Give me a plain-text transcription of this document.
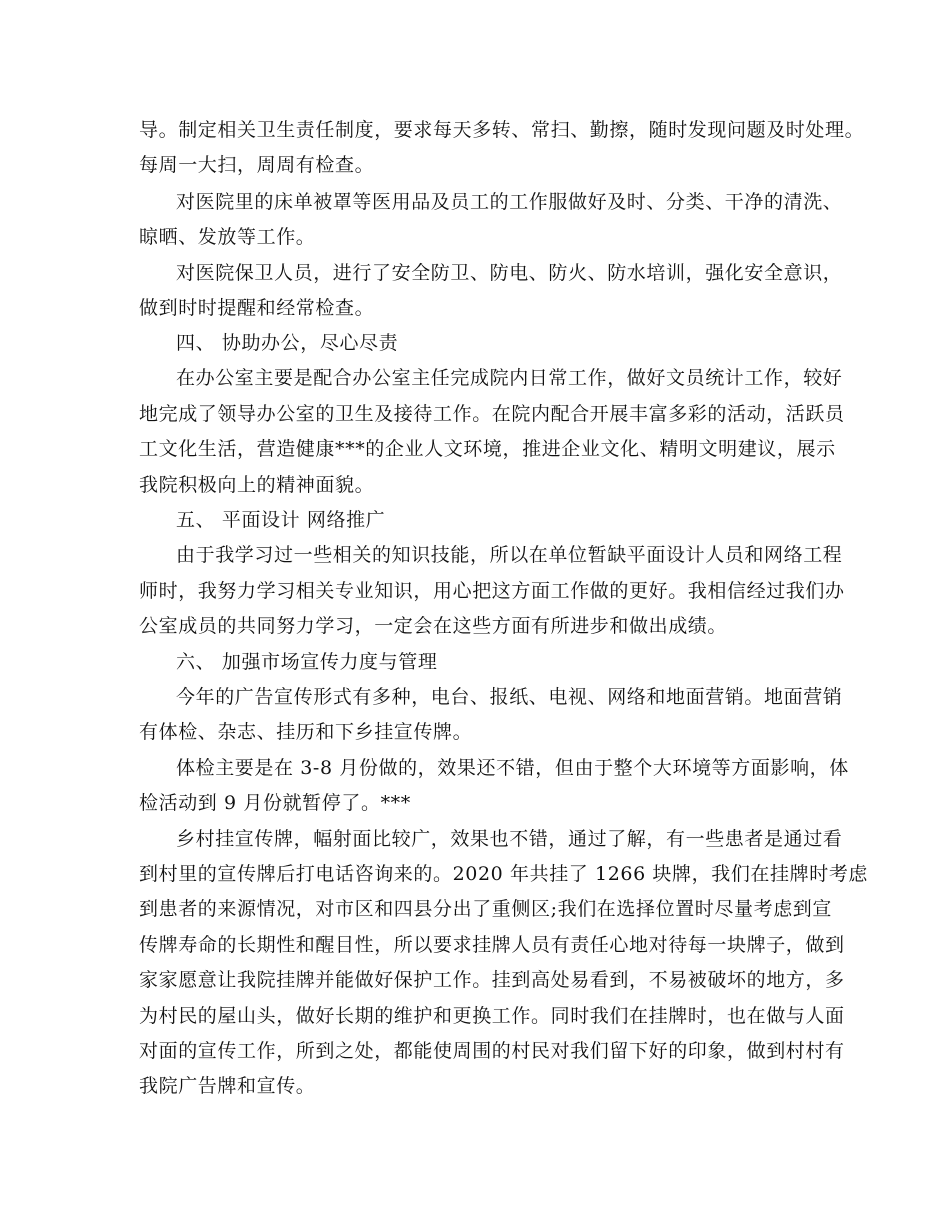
导。制定相关卫生责任制度，要求每天多转、常扫、勤擦，随时发现问题及时处理。
每周一大扫，周周有检查。
对医院里的床单被罩等医用品及员工的工作服做好及时、分类、干净的清洗、
晾晒、发放等工作。
对医院保卫人员，进行了安全防卫、防电、防火、防水培训，强化安全意识，
做到时时提醒和经常检查。
四、 协助办公，尽心尽责
在办公室主要是配合办公室主任完成院内日常工作，做好文员统计工作，较好
地完成了领导办公室的卫生及接待工作。在院内配合开展丰富多彩的活动，活跃员
工文化生活，营造健康***的企业人文环境，推进企业文化、精明文明建议，展示
我院积极向上的精神面貌。
五、 平面设计 网络推广
由于我学习过一些相关的知识技能，所以在单位暂缺平面设计人员和网络工程
师时，我努力学习相关专业知识，用心把这方面工作做的更好。我相信经过我们办
公室成员的共同努力学习，一定会在这些方面有所进步和做出成绩。
六、 加强市场宣传力度与管理
今年的广告宣传形式有多种，电台、报纸、电视、网络和地面营销。地面营销
有体检、杂志、挂历和下乡挂宣传牌。
体检主要是在 3-8 月份做的，效果还不错，但由于整个大环境等方面影响，体
检活动到 9 月份就暂停了。***
乡村挂宣传牌，幅射面比较广，效果也不错，通过了解，有一些患者是通过看
到村里的宣传牌后打电话咨询来的。2020 年共挂了 1266 块牌，我们在挂牌时考虑
到患者的来源情况，对市区和四县分出了重侧区;我们在选择位置时尽量考虑到宣
传牌寿命的长期性和醒目性，所以要求挂牌人员有责任心地对待每一块牌子，做到
家家愿意让我院挂牌并能做好保护工作。挂到高处易看到，不易被破坏的地方，多
为村民的屋山头，做好长期的维护和更换工作。同时我们在挂牌时，也在做与人面
对面的宣传工作，所到之处，都能使周围的村民对我们留下好的印象，做到村村有
我院广告牌和宣传。
